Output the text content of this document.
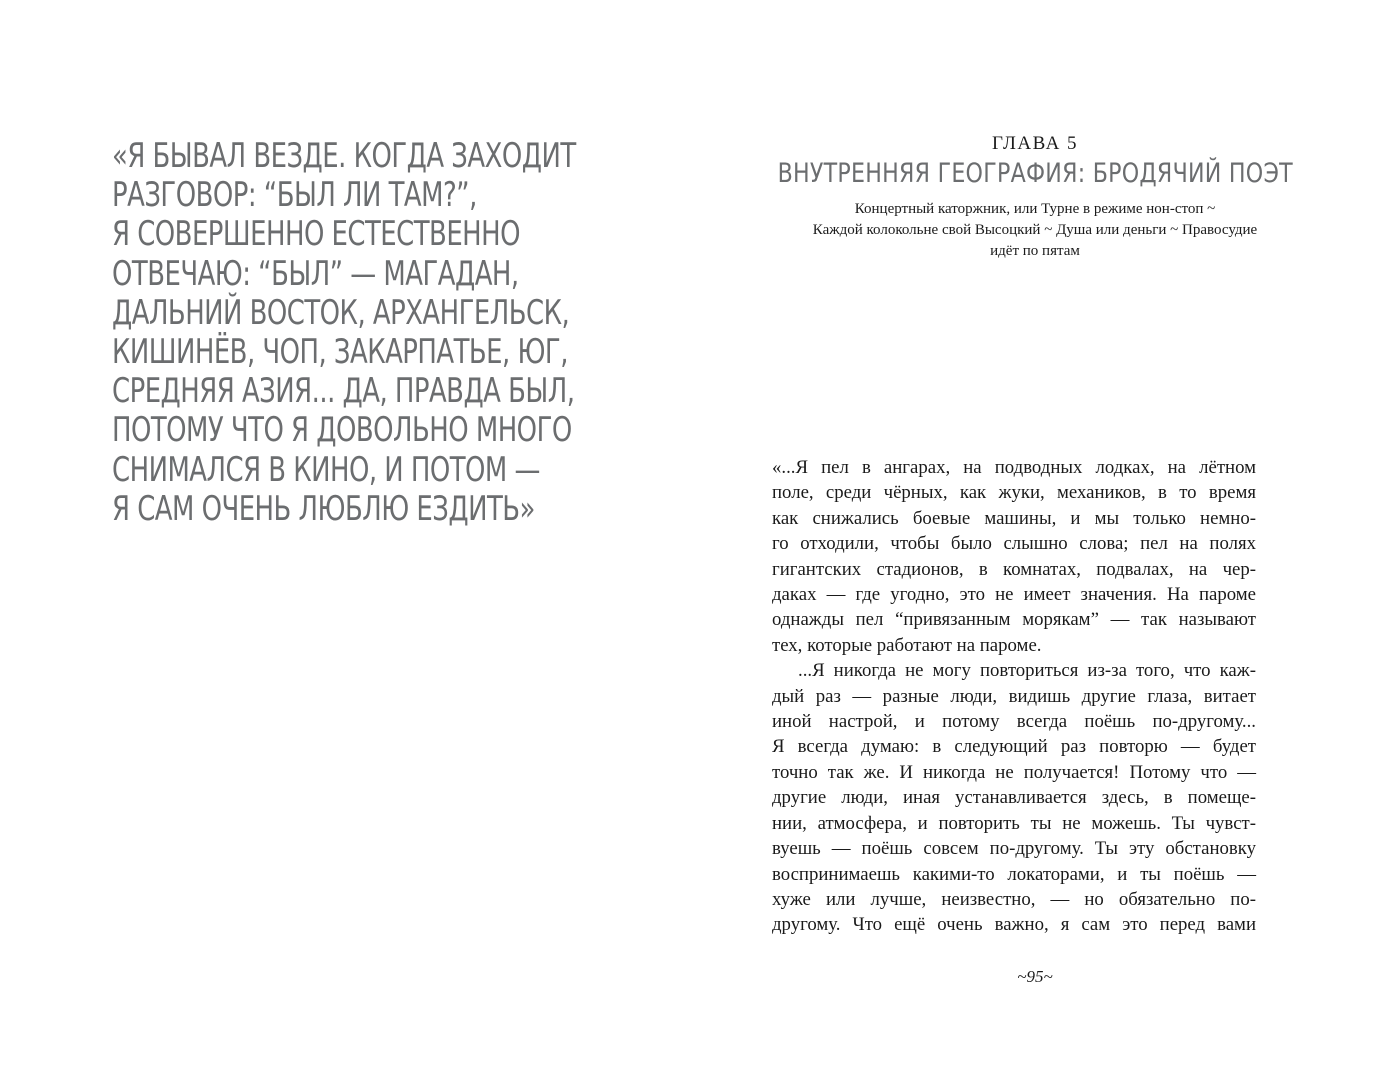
«Я БЫВАЛ ВЕЗДЕ. КОГДА ЗАХОДИТ
РАЗГОВОР: “БЫЛ ЛИ ТАМ?”,
Я СОВЕРШЕННО ЕСТЕСТВЕННО
ОТВЕЧАЮ: “БЫЛ” — МАГАДАН,
ДАЛЬНИЙ ВОСТОК, АРХАНГЕЛЬСК,
КИШИНЁВ, ЧОП, ЗАКАРПАТЬЕ, ЮГ,
СРЕДНЯЯ АЗИЯ... ДА, ПРАВДА БЫЛ,
ПОТОМУ ЧТО Я ДОВОЛЬНО МНОГО
СНИМАЛСЯ В КИНО, И ПОТОМ —
Я САМ ОЧЕНЬ ЛЮБЛЮ ЕЗДИТЬ»
ГЛАВА 5
ВНУТРЕННЯЯ ГЕОГРАФИЯ: БРОДЯЧИЙ ПОЭТ
Концертный каторжник, или Турне в режиме нон-стоп ~
Каждой колокольне свой Высоцкий ~ Душа или деньги ~ Правосудие
идёт по пятам
«...Я пел в ангарах, на подводных лодках, на лётном
поле, среди чёрных, как жуки, механиков, в то время
как снижались боевые машины, и мы только немно-
го отходили, чтобы было слышно слова; пел на полях
гигантских стадионов, в комнатах, подвалах, на чер-
даках — где угодно, это не имеет значения. На пароме
однажды пел “привязанным морякам” — так называют
тех, которые работают на пароме.
...Я никогда не могу повториться из-за того, что каж-
дый раз — разные люди, видишь другие глаза, витает
иной настрой, и потому всегда поёшь по-другому...
Я всегда думаю: в следующий раз повторю — будет
точно так же. И никогда не получается! Потому что —
другие люди, иная устанавливается здесь, в помеще-
нии, атмосфера, и повторить ты не можешь. Ты чувст-
вуешь — поёшь совсем по-другому. Ты эту обстановку
воспринимаешь какими-то локаторами, и ты поёшь —
хуже или лучше, неизвестно, — но обязательно по-
другому. Что ещё очень важно, я сам это перед вами
~95~
